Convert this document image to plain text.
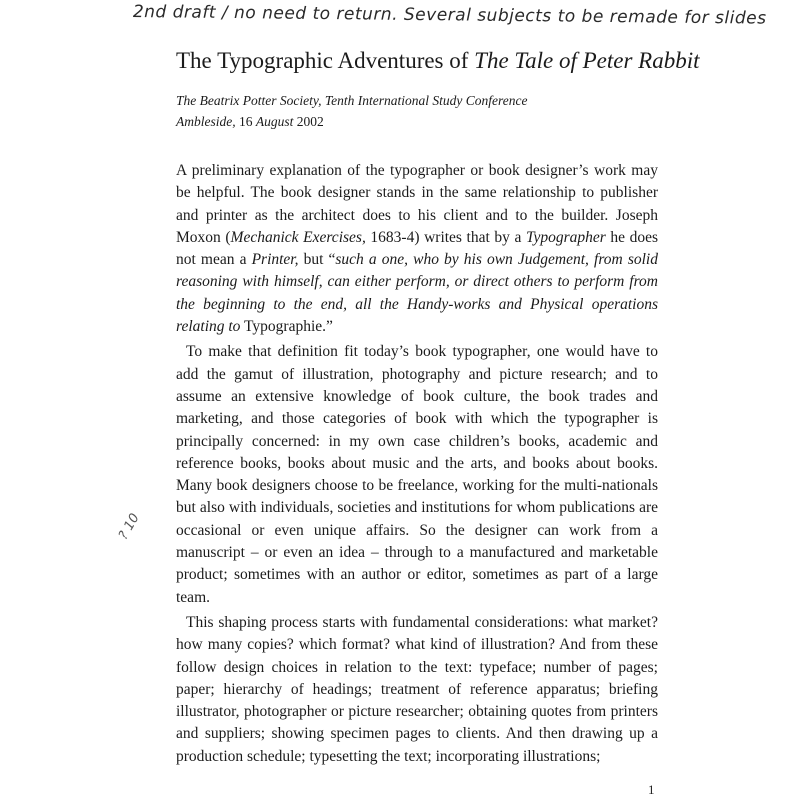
2nd draft / no need to return. Several subjects to be remade for slides
? 10
The Typographic Adventures of The Tale of Peter Rabbit
The Beatrix Potter Society, Tenth International Study Conference
Ambleside, 16 August 2002

A preliminary explanation of the typographer or book designer’s work may be helpful. The book designer stands in the same relationship to publisher and printer as the architect does to his client and to the builder. Joseph Moxon (Mechanick Exercises, 1683-4) writes that by a Typographer he does not mean a Printer, but “such a one, who by his own Judgement, from solid reasoning with himself, can either perform, or direct others to perform from the beginning to the end, all the Handy-works and Physical operations relating to Typographie.”

To make that definition fit today’s book typographer, one would have to add the gamut of illustration, photography and picture research; and to assume an extensive knowledge of book culture, the book trades and marketing, and those categories of book with which the typographer is principally concerned: in my own case children’s books, academic and reference books, books about music and the arts, and books about books. Many book designers choose to be freelance, working for the multi-nationals but also with individuals, societies and institutions for whom publications are occasional or even unique affairs. So the designer can work from a manuscript – or even an idea – through to a manufactured and marketable product; sometimes with an author or editor, sometimes as part of a large team.

This shaping process starts with fundamental considerations: what market? how many copies? which format? what kind of illustration? And from these follow design choices in relation to the text: typeface; number of pages; paper; hierarchy of headings; treatment of reference apparatus; briefing illustrator, photographer or picture researcher; obtaining quotes from printers and suppliers; showing specimen pages to clients. And then drawing up a production schedule; typesetting the text; incorporating illustrations;

1
